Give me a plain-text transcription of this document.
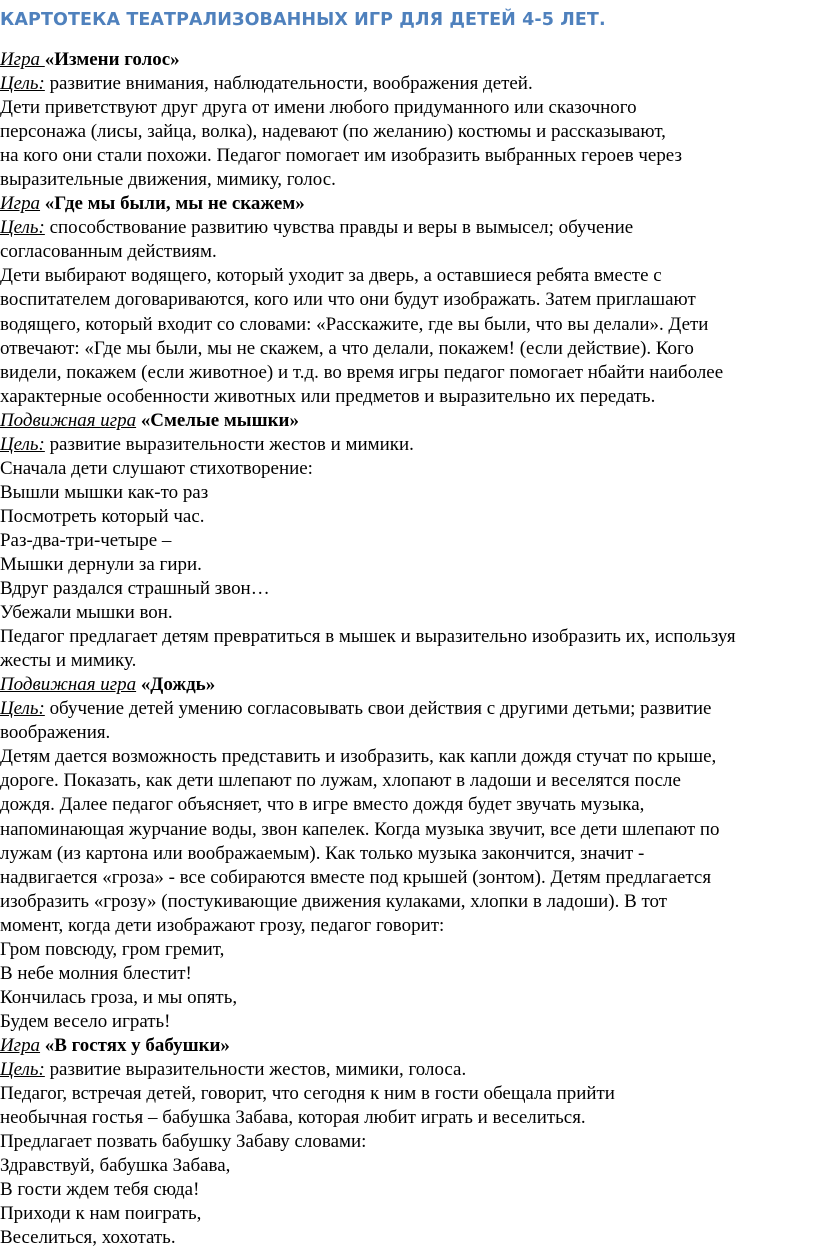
КАРТОТЕКА ТЕАТРАЛИЗОВАННЫХ ИГР ДЛЯ ДЕТЕЙ 4-5 ЛЕТ.
Игра «Измени голос»
Цель: развитие внимания, наблюдательности, воображения детей.
Дети приветствуют друг друга от имени любого придуманного или сказочного
персонажа (лисы, зайца, волка), надевают (по желанию) костюмы и рассказывают,
на кого они стали похожи. Педагог помогает им изобразить выбранных героев через
выразительные движения, мимику, голос.
Игра «Где мы были, мы не скажем»
Цель: способствование развитию чувства правды и веры в вымысел; обучение
согласованным действиям.
Дети выбирают водящего, который уходит за дверь, а оставшиеся ребята вместе с
воспитателем договариваются, кого или что они будут изображать. Затем приглашают
водящего, который входит со словами: «Расскажите, где вы были, что вы делали». Дети
отвечают: «Где мы были, мы не скажем, а что делали, покажем! (если действие). Кого
видели, покажем (если животное) и т.д. во время игры педагог помогает нбайти наиболее
характерные особенности животных или предметов и выразительно их передать.
Подвижная игра «Смелые мышки»
Цель: развитие выразительности жестов и мимики.
Сначала дети слушают стихотворение:
Вышли мышки как-то раз
Посмотреть который час.
Раз-два-три-четыре –
Мышки дернули за гири.
Вдруг раздался страшный звон…
Убежали мышки вон.
Педагог предлагает детям превратиться в мышек и выразительно изобразить их, используя
жесты и мимику.
Подвижная игра «Дождь»
Цель: обучение детей умению согласовывать свои действия с другими детьми; развитие
воображения.
Детям дается возможность представить и изобразить, как капли дождя стучат по крыше,
дороге. Показать, как дети шлепают по лужам, хлопают в ладоши и веселятся после
дождя. Далее педагог объясняет, что в игре вместо дождя будет звучать музыка,
напоминающая журчание воды, звон капелек. Когда музыка звучит, все дети шлепают по
лужам (из картона или воображаемым). Как только музыка закончится, значит -
надвигается «гроза» - все собираются вместе под крышей (зонтом). Детям предлагается
изобразить «грозу» (постукивающие движения кулаками, хлопки в ладоши). В тот
момент, когда дети изображают грозу, педагог говорит:
Гром повсюду, гром гремит,
В небе молния блестит!
Кончилась гроза, и мы опять,
Будем весело играть!
Игра «В гостях у бабушки»
Цель: развитие выразительности жестов, мимики, голоса.
Педагог, встречая детей, говорит, что сегодня к ним в гости обещала прийти
необычная гостья – бабушка Забава, которая любит играть и веселиться.
Предлагает позвать бабушку Забаву словами:
Здравствуй, бабушка Забава,
В гости ждем тебя сюда!
Приходи к нам поиграть,
Веселиться, хохотать.
